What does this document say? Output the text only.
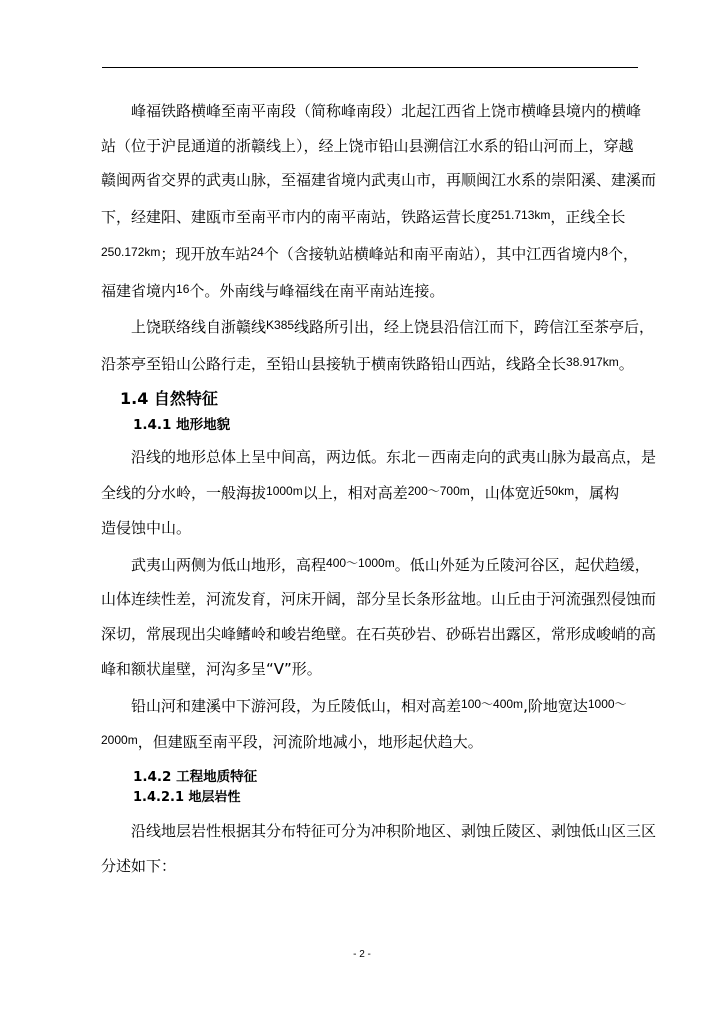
峰福铁路横峰至南平南段（简称峰南段）北起江西省上饶市横峰县境内的横峰
站（位于沪昆通道的浙赣线上），经上饶市铅山县溯信江水系的铅山河而上，穿越
赣闽两省交界的武夷山脉，至福建省境内武夷山市，再顺闽江水系的崇阳溪、建溪而
下，经建阳、建瓯市至南平市内的南平南站，铁路运营长度$^{251.713km}$，正线全长
$^{250.172km}$；现开放车站$^{24}$个（含接轨站横峰站和南平南站），其中江西省境内$^8$个，
福建省境内$^{16}$个。外南线与峰福线在南平南站连接。
上饶联络线自浙赣线$^{K385}$线路所引出，经上饶县沿信江而下，跨信江至茶亭后，
沿茶亭至铅山公路行走，至铅山县接轨于横南铁路铅山西站，线路全长$^{38.917km}$。
1.4 自然特征
1.4.1 地形地貌
沿线的地形总体上呈中间高，两边低。东北－西南走向的武夷山脉为最高点，是
全线的分水岭，一般海拔$^{1000m}$以上，相对高差$^{200\sim 700m}$，山体宽近$^{50km}$，属构
造侵蚀中山。
武夷山两侧为低山地形，高程$^{400\sim 1000m}$。低山外延为丘陵河谷区，起伏趋缓，
山体连续性差，河流发育，河床开阔，部分呈长条形盆地。山丘由于河流强烈侵蚀而
深切，常展现出尖峰鳍岭和峻岩绝壁。在石英砂岩、砂砾岩出露区，常形成峻峭的高
峰和额状崖壁，河沟多呈“V”形。
铅山河和建溪中下游河段，为丘陵低山，相对高差$^{100\sim 400m}$,阶地宽达$^{1000\sim}$
$^{2000m}$，但建瓯至南平段，河流阶地减小，地形起伏趋大。
1.4.2 工程地质特征
1.4.2.1 地层岩性
沿线地层岩性根据其分布特征可分为冲积阶地区、剥蚀丘陵区、剥蚀低山区三区
分述如下：
- 2 -
